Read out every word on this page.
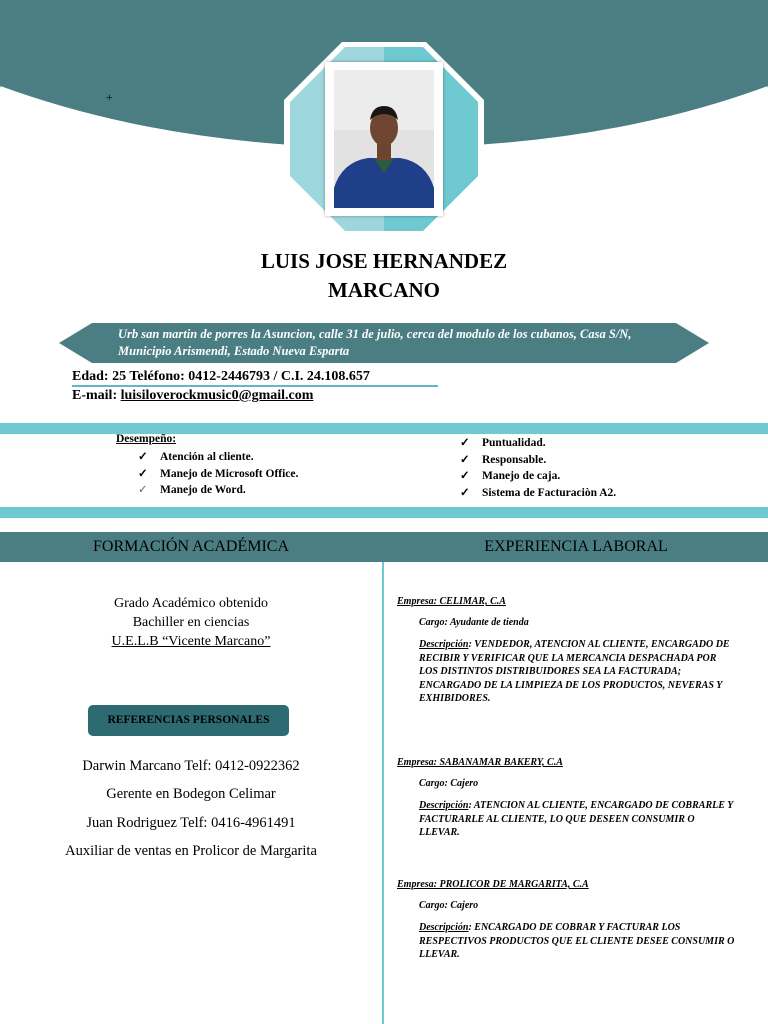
+
LUIS JOSE HERNANDEZ
MARCANO
Urb san martin de porres la Asuncion, calle 31 de julio, cerca del modulo de los cubanos, Casa S/N, Municipio Arismendi, Estado Nueva Esparta
Edad: 25 Teléfono: 0412-2446793 / C.I. 24.108.657
E-mail: luisiloverockmusic0@gmail.com
Desempeño:
✓ Atención al cliente.
✓ Manejo de Microsoft Office.
✓ Manejo de Word.
✓ Puntualidad.
✓ Responsable.
✓ Manejo de caja.
✓ Sistema de Facturaciòn A2.
FORMACIÓN ACADÉMICA	EXPERIENCIA LABORAL
Grado Académico obtenido
Bachiller en ciencias
U.E.L.B “Vicente Marcano”
REFERENCIAS PERSONALES
Darwin Marcano Telf: 0412-0922362
Gerente en Bodegon Celimar
Juan Rodriguez Telf: 0416-4961491
Auxiliar de ventas en Prolicor de Margarita
Empresa: CELIMAR, C.A
Cargo: Ayudante de tienda
Descripción: VENDEDOR, ATENCION AL CLIENTE, ENCARGADO DE RECIBIR Y VERIFICAR QUE LA MERCANCIA DESPACHADA POR LOS DISTINTOS DISTRIBUIDORES SEA LA FACTURADA; ENCARGADO DE LA LIMPIEZA DE LOS PRODUCTOS, NEVERAS Y EXHIBIDORES.
Empresa: SABANAMAR BAKERY, C.A
Cargo: Cajero
Descripción: ATENCION AL CLIENTE, ENCARGADO DE COBRARLE Y FACTURARLE AL CLIENTE, LO QUE DESEEN CONSUMIR O LLEVAR.
Empresa: PROLICOR DE MARGARITA, C.A
Cargo: Cajero
Descripción: ENCARGADO DE COBRAR Y FACTURAR LOS RESPECTIVOS PRODUCTOS QUE EL CLIENTE DESEE CONSUMIR O LLEVAR.
